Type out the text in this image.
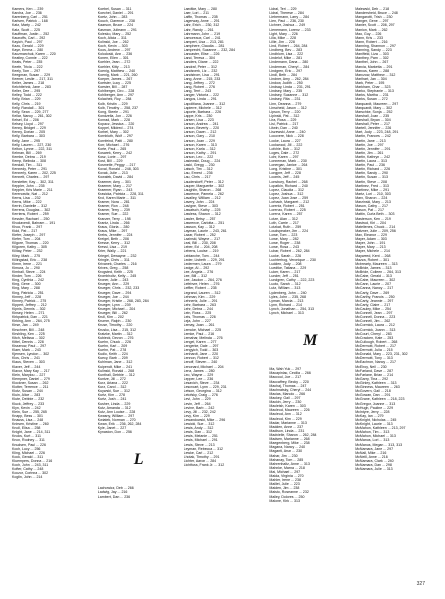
Kamers, Ken ... 239
Karcha, Joe ... 236
Karenberg, Carl ... 251
Karlsen, Patrick ... 168
Katz, Marty ... 242
Katz, Scott ... 225
Kauffman, Justin ... 252
Kaunoffs, Carl ... 292
Kayich, Paul ... 297
Kazu, Gerald ... 229
Kaye, Emma ... 280
Kaczmarchuk, Karen ... 220
Keatley, Connie ... 222
Keats, Peter ... 235
Keefe, Tricia ... 222
Keely, Tom ... 297
Keegman, Susan ... 229
Keener, Leslie ... 217, 311
Keiler, James ... 218
Kelchtlehnk, Jane ... 283
Keller, Dee ... 295
Kelley, Todd ... 222
Kelly, Brian ... 229
Kelly, Chris ... 219
Kelly, Randall ... 301
Kelly, Sean ... 229, 277
Kellar, Nancy ... 261, 302
Kelsel, Ed ... 206
Kelsey, Lloyd ... 297
Kenny, Bridget ... 229
Kenny, Dorian ... 205
Kelly, Barbara ... 303
Kelly, Jane ... 295
Kelly, Lauren ... 227, 230
Kelton, Lynne ... 222, 311
Kelman, Bill ... 269
Kembe, Debra ... 219
Kemp, Belinda ... 308
Kendall, Tim ... 311
Kennedy, Peter ... 291
Kennerly, Karen ... 202, 225
Kennett, Charles ... 297
Kerstetter, Kay ... 302, 311
Keppler, John ... 235
Keppler, Kris Marie ... 211
Kerenowitz, Nat ... 212
Kerns, Lisa ... 232
Kerns, Mike ... 222
Kerrin, Danielle ... 312
Kerrens, Douglas ... 302
Kerriens, Robert ... 259
Kessler, Rachael ... 250
Khodaverdi, Bahram ... 191
Khoo, Frank ... 297
Kidd, Pat ... 217
Kiefer, Joseph ... 297
Kiefer, Tom ... 204
Kilgore, Thomas ... 220
Kilgoren, Kathy ... 305
Kilitay, Peter ... 232
Kiley, Mark ... 275
Killingstad, Eric ... 238
Kimm, Irene ... 221
Kimura, Jo ... 290
Kimball, Steve ... 224
Kinder, Tom ... 226
King, Cynthia ... 242
King, Gene ... 300
King, Mary ... 288
King, Patricia ... 251
Kinney, Jeff ... 228
Kinney, Patrick ... 275
Kippert, Jeffrey ... 212
Kipnis, Dennis ... 302
Kinsey, Helen ... 271
Kirkpatrick, Dan ... 221
Kirking, Ann ... 264, 275
Kirse, Jan ... 249
Kirschner, Bill ... 248
Kirshling, Ken ... 225
Kitch, Melissa ... 302
Kittel, Dennis ... 228
Kisserow, Paul ... 297
Klaer, Mark ... 243
Kjensen, Lyndon ... 302
Klos, Chris ... 241
Klaus, Steven ... 303
Klaver, Jeff ... 244
Klavor, Mary Kay ... 217
Klein, Marylou ... 227
Klempner, Daniel ... 279
Klockner, Susan ... 262
Klotter, Terrence ... 211
Klotz, Susan ... 244
Kluin, Alice ... 283
Klute, Debbie ... 232
Kluck, Jeffrey ... 233
Klyn, Kevin ... 242
Klein, Sue ... 255, 265
Knapp, Bess ... 301
Knauss, Lisa ... 248
Knirsen, Kristine ... 260
Knoll, Elisa ... 258
Knight, Jane ... 214, 311
Knoks, Kurt ... 311
Knox, Rodney ... 311
Knudsen, Paul ... 226
Koch, Lucy ... 256
Kling, Michael ... 226
Kock, Gerald ... 311
Kluempers, Donna ... 216
Koch, John ... 243, 311
Kofter, Cathy ... 248
Koczor, Corinna ... 302
Koglin, John ... 214
Koebel, Susan ... 311
Koechel, Daniel ... 291
Koetz, John ... 283
Kouch, Clarence ... 238
Kaarson, Bruce ... 224
Kasman, Julieann ... 291
Kolesko, Mary ... 252
Koch, Alicia ... 311
Kolinski, Joe ... 262
Koch, Kevin ... 303
Koos, Andrew ... 297
Kolodoski, Ann ... 236
Konen, Ellen ... 301
Koehler, Jean ... 272
Koehler, Kitty ... 213
Koenig, Matthew ... 240
Koenig, Mark ... 221, 260
Koeper, James ... 267
Koetsier, Lucy ... 225
Koester, Bill ... 287
Kohlberger, Ciro ... 228
Kohlberger, Ann ... 297
Kolachek, Roy ... 284
Kolb, Kristin ... 229
Kolb, Timothy ... 258, 237
Kong, Steele ... 291
Kondzella, Jon ... 226
Konrad, Mark ... 228
Kopacz, Jessica ... 220
Koppel, Mildred ... 274
Korbel, Mary ... 302
Kornbluth, Wolf ... 297
Kornfeind, Patti ... 280
Korr, Michael ... 276
Korte, Paul ... 265
Kosarek, Kerry ... 242
Kosz, Lorie ... 297
Kost, Bill ... 229
Kosmetle, Peggy ... 217
Koval, Ronald ... 248, 303
Kovak, Julie ... 213
Kowalek, David ... 284
Kraemer, Amy ... 301
Kraemer, Mary ... 217
Kraemer, Ryan ... 243
Krasicka, Patricia ... 228, 311
Krol, Karen Marie ... 311
Kramer, Nora ... 281
Kramer, Ron ... 248
Kramer, Terry ... 239
Kramer, Sue ... 222
Kranzer, Terry ... 198
Krantz, Linda ... 266
Kraus, Gloria ... 280
Kraus, Mike ... 297
Krebs, Jennifer ... 224
Kreigel, Beth ... 206
Kresse, Kerry ... 312
Kressl, Lisa ... 219
Krier, Wally ... 221
Kriegel, Dewayne ... 232
Kringle, Chris ... 311
Krivanek, Charles ... 216
Krives, Greg ... 258
Krogsted, Keith ... 225
Krombholtz, Kelly ... 245
Kroner, Julie ... 243
Krueger, Ann ... 229
Krueger, Chris ... 232, 233
Krueger, Dave ... 294
Krueger, Joe ... 244
Krueger, Kristie ... 268, 283, 284
Krueger, Lynn ... 239
Krueger, Michael ... 204
Krueger, Bill ... 262
Krull, Kim ... 202
Krumm, Ralph ... 230
Kruse, Timothy ... 220
Krusko, Lisa ... 215, 312
Kratzke, Martin ... 312
Kubieck, Devon ... 276
Kuehn, Chuck ... 226
Kuehn, Karl ... 209
Kuehn, Pat ... 278
Kudlo, Keith ... 224
Kuecy, Barb ... 209
Kuhlman, Jane ... 312
Kuipendt, Mike ... 241
Kulinski, Ronald ... 268
Kunthall, Debbie ... 312
Kuntze, Jill ... 272
Kurz, Ariana ... 222
Kurz, Carol ... 312
Kuywski, Sue ... 312
Kurtz, Kim ... 278
Kurtz, Josh ... 241
Kusher, Linda ... 229
Kutz, Amanda ... 312
Kutz, Ann Louise ... 228
Kwasny, William ... 297
Kwiatek, Norman ... 270
Kwan, Erik ... 236, 262, 284
Kyle, Janet ... 227
Kynaston, Don ... 256
L
Lachowicz, Deb ... 266
Ladwig, Jay ... 216
Lambert, Dan ... 236
Laedtke, Mary ... 280
Laer, Lori ... 211
Laffin, Thomas ... 235
Lagerway, Anne ... 291
Lahr, Erich ... 230, 312
Lahr, Randy ... 261
Lahrmann, John ... 219
Lamoreaux, Carl ... 241
Lampert, Lisa ... 213, 281
Lamphere, Claudia ... 281
Lamprecht, Suzanne ... 232, 284
Lancaster, Elise ... 226
Land, Teresa ... 304
Landers, Diane ... 222
Landraf, Peter ... 312
Landsverk, Liz ... 232
Landstrom, Lisa ... 291
Lang, Anne ... 215, 233
Lang, Jeffrey ... 272
Lang, Robert ... 276
Lang, Terri ... 243
Langer, Victoria ... 222
Langos, Linda ... 291
Lapolitiana, Joanne ... 312
Lapierre, Michele ... 312
Laporte, Barbara ... 226
Lappe, Kris ... 230
Larsen, Lisa ... 223
Larson, Andrea ... 241
Larson, Beverly ... 220
Larson, Dawn ... 212
Larson, Gary ... 210
Larson, Joan ... 229
Larson, Karen ... 313
Larson, Karla ... 312
Larson, Kathy ... 291
Larson, Leo ... 222
Lasiewski, Doug ... 224
Laski, Gregg ... 230
Latsch, Tim ... 312
Lau, Ernest ... 236
Lau, Chris ... 217
Laudendorff, Peter ... 312
Lauper, Marguerite ... 302
Laughlin, Sharon ... 268
Lawrence, Pamela ... 262
Lavalley, William ... 212
Lavery, John ... 224
Lavigne, Steve ... 303
Lawatsch, Kathy ... 225
Lawless, Sharon ... 312
Lawler, Betsy ... 257
Lawrence, Carlotta ... 251
Lawson, Kay ... 312
Layman, Laurie ... 243, 261
Lazar, Robert ... 252
Lazinski, Wayne ... 217
Leal, Bill ... 230, 208
Leber, Ed ... 204, 208
Lebens, Louise ... 219
Leblanche, Tom ... 244
Leder, Lisbeth ... 229, 291
Ledermen, Laura ... 279
Ledge, Al ... 292
Lee, Angela ... 276
Lee, Bill ... 312
Lee, Jaudon ... 264, 276
Lefebvre, Helen ... 276
Leffler, Robert ... 235
Legrand, Lauren ... 312
Lehman, Kim ... 229
Lehnertz, Julie ... 291
Lehr, Barbara ... 263
Lehr, Debra ... 244
Lein, Ross ... 225
Leis, Thomas ... 226
Leja, John ... 227
Lemay, Joan ... 261
Lemcke, Michael ... 225
Lemke, Paul ... 216
Lemahar, Melinda ... 276
Lengel, Karen ... 277
Lengerke, Dale ... 297
Lengyich, Todd ... 303
Lenhardt, Jane ... 220
Lennon, Robert ... 312
Lenoff, Steven ... 240
Lenonard, Michael ... 204
Lenz, James ... 280
Leo, Wayne ... 229
Lepper, Lee ... 236
Lesavich, Steve ... 234
Lescroart, Lynn ... 229, 231
Letson, Georgina ... 312
Letofsky, Craig ... 276
Levi, John ... 229
Levin, Jeff ... 264
Levine, Barb ... 242
Levy, Jill ... 232, 242
Levy, Kim ... 229
Lewandowski, Mike ... 296
Lewicki, Sue ... 312
Lewis, Andy ... 312
Lewis, Dan ... 312
Lewis, Melanie ... 251
Lewis, Michael ... 291
Lewis, Steve ... 213
Leyman, Rebecca ... 312
Lewke, Carl ... 212
Lhotak, Timothy ... 291
Lichter, Aaron ... 284
Lichtfuss, Frank Jr. ... 312
Lidral, Teri ... 229
Lidral, Therese ... 284
Liebermann, Larry ... 284
Lien, Paul ... 236, 230
Lichner, Joshua ... 249
Lienemann, Lorenz ... 233
Light, Mary ... 226
Lilia, Mike ... 228
Lillie, Jim ... 228
Lind, Robert ... 264, 284
Lindberg, Bev ... 283
Lindblom, Lisa ... 222
Lindelof, Mike ... 281
Lindemann, Dana ... 280
Linderman, Cheryl ... 284
Lindgren, Eric ... 297
Lindl, Beth ... 284
Lindner, Amy ... 262, 284
Lindow, Judith ... 250
Lindsay, Linda ... 231, 291
Lindsey, Mary ... 235
Lindsey, Suzanne ... 312
Lindsey, Rita ... 231
Linn, Deanna ... 279
Linscheid, Jason ... 312
Lipson, Terry ... 220
Lipinski, Pat ... 312
Lira, Rosa ... 229
Lisi, Patrick ... 217
Litwin, Dan ... 240
Liszewski, Anne ... 240
Locovere, Nick ... 228
Locke, Laura ... 227
Lockwood, Jill ... 222
Lofchie, Bob ... 312
Loges, Dale ... 272
Lohr, Karen ... 297
Lonneman, Mark ... 230
Lonergan, Janice ... 264
Long, Kristine ... 301
Longpre, Jeff ... 228
Loomis, Jeff ... 245
Lonsbury, Rachel ... 268
Lopatkin, Richard ... 240
Lopez, Claudia ... 312
Lopez, Joshua ... 312
Lopez, Juan Jose ... 259
Lorbach, Margaret ... 212
Lorentz, Robert ... 251
Lorenzo, Robert ... 225
Lorenz, Karen ... 257
Lotze, Alan ... 312
Loth, Carrie ... 217
Lotzkat, Ruth ... 259
Loudspeaker, Jim ... 224
Lowe, Tom ... 223
Lowe, Mary ... 282
Lowe, Roger ... 238
Lowe, Rosa ... 243
Lubar, Robert ... 262, 284
Lucke, Sarah ... 226
Luchterhog, Veronique ... 230
Ludden, Judy ... 208
Luedtke, Tatiana ... 229
Luker, Karen ... 217
Lunder, Jeff ... 251
Lundgren, Cathy ... 222, 223
Luoto, Sarah ... 312
Lutz, William ... 313
Lydenberg, John ... 240
Lyles, John ... 235, 268
Lyman, Marcia ... 213
Lynn, Richard ... 214
Lynch, Jonathan ... 254, 313
Lynch, Michael ... 313
M
Ma, Wah Yuk ... 297
Macapinlac, Cecilia ... 266
Maccoul, Joe ... 217
Maccaffrey, Becky ... 220
Machaj, Thomas ... 247
Machnatsky, Cheryl ... 244
Macias, Manolo ... 266
Mackey, Gail ... 297
Mackin, Jerry ... 230
Macleish, Karen ... 303
Macleod, Maureen ... 226
Macleod, Ann ... 312
Macleod, Kim ... 229
Madar, Marianne ... 313
Madden, Anne ... 237
Madison, Linda ... 231
Madvielle, Sharon ... 262, 284
Madsen, Marianne ... 268
Maegenberg, Mike ... 238
Magana, Nancy ... 240
Maganti, Arun ... 230
Mahar, Jim ... 230
Mahanay, Tom ... 285
Mahrenhaltz, Anne ... 313
Mahnke, Marna ... 218
Mai, Michael ... 297
Maida, Virginia ... 270
Mahler, Irene ... 238
Maillet, Julie ... 223
Maiden, Jim ... 238
Maisto, Roseanne ... 232
Malley, Dolores ... 250
Malone, Kirk ... 313
Malewski, Deb ... 218
Mandersheid, Bruce ... 248
Mangarotti, Trish ... 230
Manger, Gene ... 297
Manier, Scott ... 206, 297
Manion, Mark ... 262
Mao, Guy ... 226
Mann, Kris ... 233
Mann, Robert ... 216
Manning, Shannon ... 297
Manning, Sandy ... 223
Manifield, Liza ... 303
Manthey, Pam ... 302
Manthel, John ... 267
Marcia, Marketta ... 291
Marcus, Karen ... 288
Marczow, Matthew ... 312
Marihart, Jan ... 304
Mark, Peter ... 195
Markham, Char ... 323
Marko, Stephanie ... 313
Marks, Martha ... 231
Marks, Susan ... 272
Marquardt, Maureen ... 297
Marquardt, Mary ... 302
Marschke, Sonja ... 252
Marshall, Joan ... 235
Marshall, Bryan ... 304
Marshall, Peter ... 217
Martell, Jennifer ... 226
Mart, Judy ... 223, 248, 291
Martin, Frances ... 242
Martin, Jane ... 213
Martin, Joe ... 297
Martin, Jennifer ... 291
Martin, Jim ... 261
Martin, Kathryn ... 242
Martin, Laura ... 313
Martin, Paul ... 236
Martin, Richard ... 226
Martin, Sandy ... 290
Martin, Susan ... 313
Martin, Steve ... 208
Martinez, Fred ... 313
Martinez, Mike ... 291
Martz, Lori ... 210, 303
Marx, Sharon ... 224
Marzinski, Mary ... 213
Mason, Cathy ... 217
Mason, Pat ... 217
Mattin, Curla Beth ... 303
Masterson, Ken ... 219
Mastrud, Kiri ... 204
Matelienes, Chuck ... 214
Matzner, Julie ... 209, 256
Max, Eleanor ... 229
Mayer, Adam ... 303
Mayer, John ... 191
Mayer, Mary ... 213
Mayer, Michele ... 214
Mayweed, Kent ... 268
Mazza, Robert ... 301
Mcbrearty, Maureen ... 313
McBride, James ... 313
McBride, Colleen ... 264, 313
McCabe, Gerald ... 313
McCabe, Maureen ... 302
McCann, Laurie ... 207
McCanna, Nancy ... 217
McCarty, Dave ... 269
McCarthy, Francis ... 250
McCarty, Jeannie ... 297
McCarty, Claire ... 217
McCauley, Mike ... 254
McConnell, Jean ... 297
McConnell, Donna ... 223
McConnell, Jim ... 262
McCormick, Laura ... 212
McCormick, Joann ... 313
McCourt, Cheryl ... 283
McCracken, Kate ... 253
McCullough, Robert ... 268
McDermott, Robert ... 217
McDermott, Julia ... 215
McDonald, Mary ... 223, 231, 302
McDermott, Tony ... 313
McEachron, Nancy ... 217
McElroy, Neil ... 230
McFarland, Dave ... 287
McFarlane, Brian ... 214
McGarry, Tina ... 292
McGinley, Kathleen ... 313
McGinness, Maureen ... 263
McGovern, Gail ... 218
McGowan, Dan ... 291
McGrane, Kathleen ... 218, 223
McGregor, Joanne ... 313
McHugh, Pauline ... 229
McIntyre, Jerry ... 228
McKay, Ian ... 279
McKnight, Nicholas ... 245
McKnight, Laurie ... 313
McMahon, Kathleen ... 213, 297
McMahon, Tim ... 313
McMahon, Michael ... 313
McManus, Lori ... 313
McManus, Megan ... 313, 313
McNamara, Jane ... 297
McNall, Mike ... 216
McNeill, Anne ... 216
McNamara, Clark ... 240
McNamara, Dan ... 298
McNamara, Julie ... 313
327
